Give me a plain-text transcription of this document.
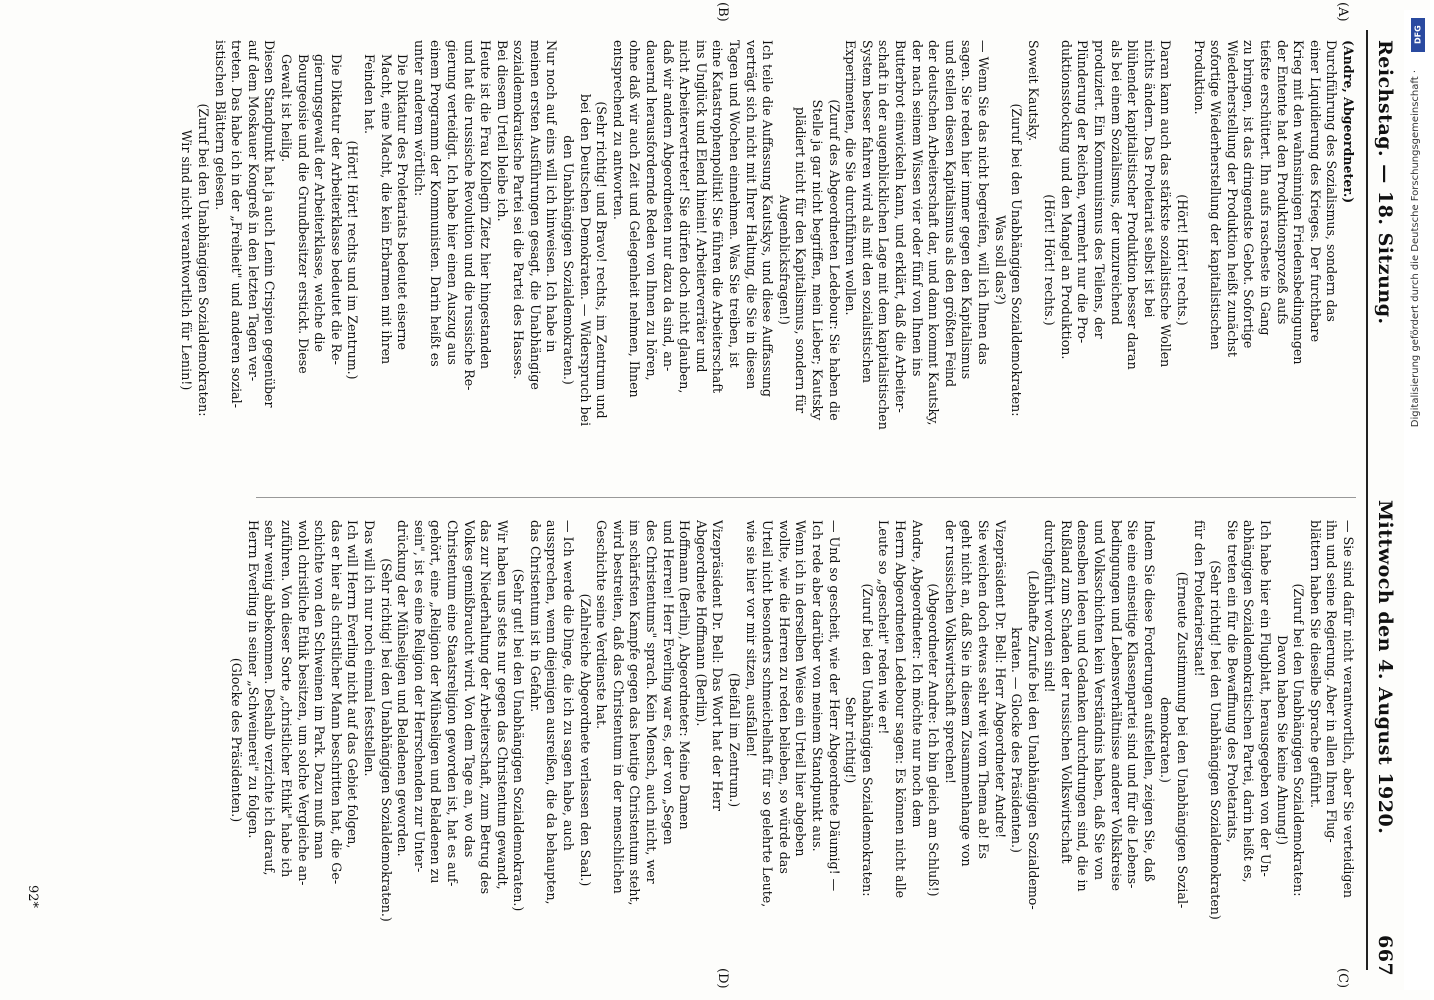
Reichstag. — 18. Sitzung.
Mittwoch den 4. August 1920.
667

(Andre, Abgeordneter.)

Durchführung des Sozialismus, sondern das

einer Liquidierung des Krieges. Der furchtbare

Krieg mit den wahnsinnigen Friedensbedingungen

der Entente hat den Produktionsprozeß aufs

tiefste erschüttert. Ihn aufs rascheste in Gang

zu bringen, ist das dringendste Gebot. Sofortige

Wiederherstellung der Produktion heißt zunächst

sofortige Wiederherstellung der kapitalistischen

Produktion.

(Hört! Hört! rechts.)

Daran kann auch das stärkste sozialistische Wollen

nichts ändern. Das Proletariat selbst ist bei

blühender kapitalistischer Produktion besser daran

als bei einem Sozialismus, der unzureichend

produziert. Ein Kommunismus des Teilens, der

Plünderung der Reichen, vermehrt nur die Pro-

duktionsstockung und den Mangel an Produktion.

(Hört! Hört! rechts.)

Soweit Kautsky.

(Zuruf bei den Unabhängigen Sozialdemokraten:

Was soll das?)

— Wenn Sie das nicht begreifen, will ich Ihnen das

sagen. Sie reden hier immer gegen den Kapitalismus

und stellen diesen Kapitalismus als den größten Feind

der deutschen Arbeiterschaft dar, und dann kommt Kautsky,

der nach seinem Wissen vier oder fünf von Ihnen ins

Butterbrot einwickeln kann, und erklärt, daß die Arbeiter-

schaft in der augenblicklichen Lage mit dem kapitalistischen

System besser fahren wird als mit den sozialistischen

Experimenten, die Sie durchführen wollen.

(Zuruf des Abgeordneten Ledebour: Sie haben die

Stelle ja gar nicht begriffen, mein Lieber; Kautsky

plädiert nicht für den Kapitalismus, sondern für

Augenblicksfragen!)

Ich teile die Auffassung Kautskys, und diese Auffassung

verträgt sich nicht mit Ihrer Haltung, die Sie in diesen

Tagen und Wochen einnehmen. Was Sie treiben, ist

eine Katastrophenpolitik! Sie führen die Arbeiterschaft

ins Unglück und Elend hinein! Arbeiterverräter und

nicht Arbeitervertreter! Sie dürfen doch nicht glauben,

daß wir andern Abgeordneten nur dazu da sind, an-

dauernd herausfordernde Reden von Ihnen zu hören,

ohne daß wir auch Zeit und Gelegenheit nehmen, Ihnen

entsprechend zu antworten.

(Sehr richtig! und Bravo! rechts, im Zentrum und

bei den Deutschen Demokraten. — Widerspruch bei

den Unabhängigen Sozialdemokraten.)

Nur noch auf eins will ich hinweisen. Ich habe in

meinen ersten Ausführungen gesagt, die Unabhängige

sozialdemokratische Partei sei die Partei des Hasses.

Bei diesem Urteil bleibe ich.

Heute ist die Frau Kollegin Zietz hier hingestanden

und hat die russische Revolution und die russische Re-

gierung verteidigt. Ich habe hier einen Auszug aus

einem Programm der Kommunisten. Darin heißt es

unter anderem wörtlich:

Die Diktatur des Proletariats bedeutet eiserne

Macht, eine Macht, die kein Erbarmen mit ihren

Feinden hat.

(Hört! Hört! rechts und im Zentrum.)

Die Diktatur der Arbeiterklasse bedeutet die Re-

gierungsgewalt der Arbeiterklasse, welche die

Bourgeoisie und die Grundbesitzer erstickt. Diese

Gewalt ist heilig.

Diesen Standpunkt hat ja auch Lenin Crispien gegenüber

auf dem Moskauer Kongreß in den letzten Tagen ver-

treten. Das habe ich in der „Freiheit" und anderen sozial-

istischen Blättern gelesen.

(Zuruf bei den Unabhängigen Sozialdemokraten:

Wir sind nicht verantwortlich für Lenin!)

— Sie sind dafür nicht verantwortlich, aber Sie verteidigen

ihn und seine Regierung. Aber in allen Ihren Flug-

blättern haben Sie dieselbe Sprache geführt.

(Zuruf bei den Unabhängigen Sozialdemokraten:

Davon haben Sie keine Ahnung!)

Ich habe hier ein Flugblatt, herausgegeben von der Un-

abhängigen Sozialdemokratischen Partei, darin heißt es,

Sie treten ein für die Bewaffnung des Proletariats,

(Sehr richtig! bei den Unabhängigen Sozialdemokraten)

für den Proletarierstaat!

(Erneute Zustimmung bei den Unabhängigen Sozial-

demokraten.)

Indem Sie diese Forderungen aufstellen, zeigen Sie, daß

Sie eine einseitige Klassenpartei sind und für die Lebens-

bedingungen und Lebensverhältnisse anderer Volkskreise

und Volksschichten kein Verständnis haben, daß Sie von

denselben Ideen und Gedanken durchdrungen sind, die in

Rußland zum Schaden der russischen Volkswirtschaft

durchgeführt worden sind!

(Lebhafte Zurufe bei den Unabhängigen Sozialdemo-

kraten. — Glocke des Präsidenten.)

Vizepräsident Dr. Bell: Herr Abgeordneter Andre!

Sie weichen doch etwas sehr weit vom Thema ab! Es

geht nicht an, daß Sie in diesem Zusammenhange von

der russischen Volkswirtschaft sprechen!

(Abgeordneter Andre: Ich bin gleich am Schluß!)

Andre, Abgeordneter: Ich möchte nur noch dem

Herrn Abgeordneten Ledebour sagen: Es können nicht alle

Leute so „gescheit" reden wie er!

(Zuruf bei den Unabhängigen Sozialdemokraten:

Sehr richtig!)

— Und so gescheit, wie der Herr Abgeordnete Däumig! —

Ich rede aber darüber von meinem Standpunkt aus.

Wenn ich in derselben Weise ein Urteil hier abgeben

wollte, wie die Herren zu reden belieben, so würde das

Urteil nicht besonders schmeichelhaft für so gelehrte Leute,

wie sie hier vor mir sitzen, ausfallen!

(Beifall im Zentrum.)

Vizepräsident Dr. Bell: Das Wort hat der Herr

Abgeordnete Hoffmann (Berlin).

Hoffmann (Berlin), Abgeordneter: Meine Damen

und Herren! Herr Everling war es, der von „Segen

des Christentums" sprach. Kein Mensch, auch nicht, wer

im schärfsten Kampfe gegen das heutige Christentum steht,

wird bestreiten, daß das Christentum in der menschlichen

Geschichte seine Verdienste hat.

(Zahlreiche Abgeordnete verlassen den Saal.)

— Ich werde die Dinge, die ich zu sagen habe, auch

aussprechen, wenn diejenigen ausreißen, die da behaupten,

das Christentum ist in Gefahr.

(Sehr gut! bei den Unabhängigen Sozialdemokraten.)

Wir haben uns stets nur gegen das Christentum gewandt,

das zur Niederhaltung der Arbeiterschaft, zum Betrug des

Volkes gemißbraucht wird. Von dem Tage an, wo das

Christentum eine Staatsreligion geworden ist, hat es auf-

gehört, eine „Religion der Mühseligen und Beladenen zu

sein", ist es eine Religion der Herrschenden zur Unter-

drückung der Mühseligen und Beladenen geworden.

(Sehr richtig! bei den Unabhängigen Sozialdemokraten.)

Das will ich nur noch einmal feststellen.

Ich will Herrn Everling nicht auf das Gebiet folgen,

das er hier als christlicher Mann beschritten hat, die Ge-

schichte von den Schweinen im Park. Dazu muß man

wohl christliche Ethik besitzen, um solche Vergleiche an-

zuführen. Von dieser Sorte „christlicher Ethik" habe ich

sehr wenig abbekommen. Deshalb verzichte ich darauf,

Herrn Everling in seiner „Schweinerei" zu folgen.

(Glocke des Präsidenten.)

(A)
(B)
(C)
(D)
92*
DFG
Digitalisierung gefördert durch die Deutsche Forschungsgemeinschaft ·
